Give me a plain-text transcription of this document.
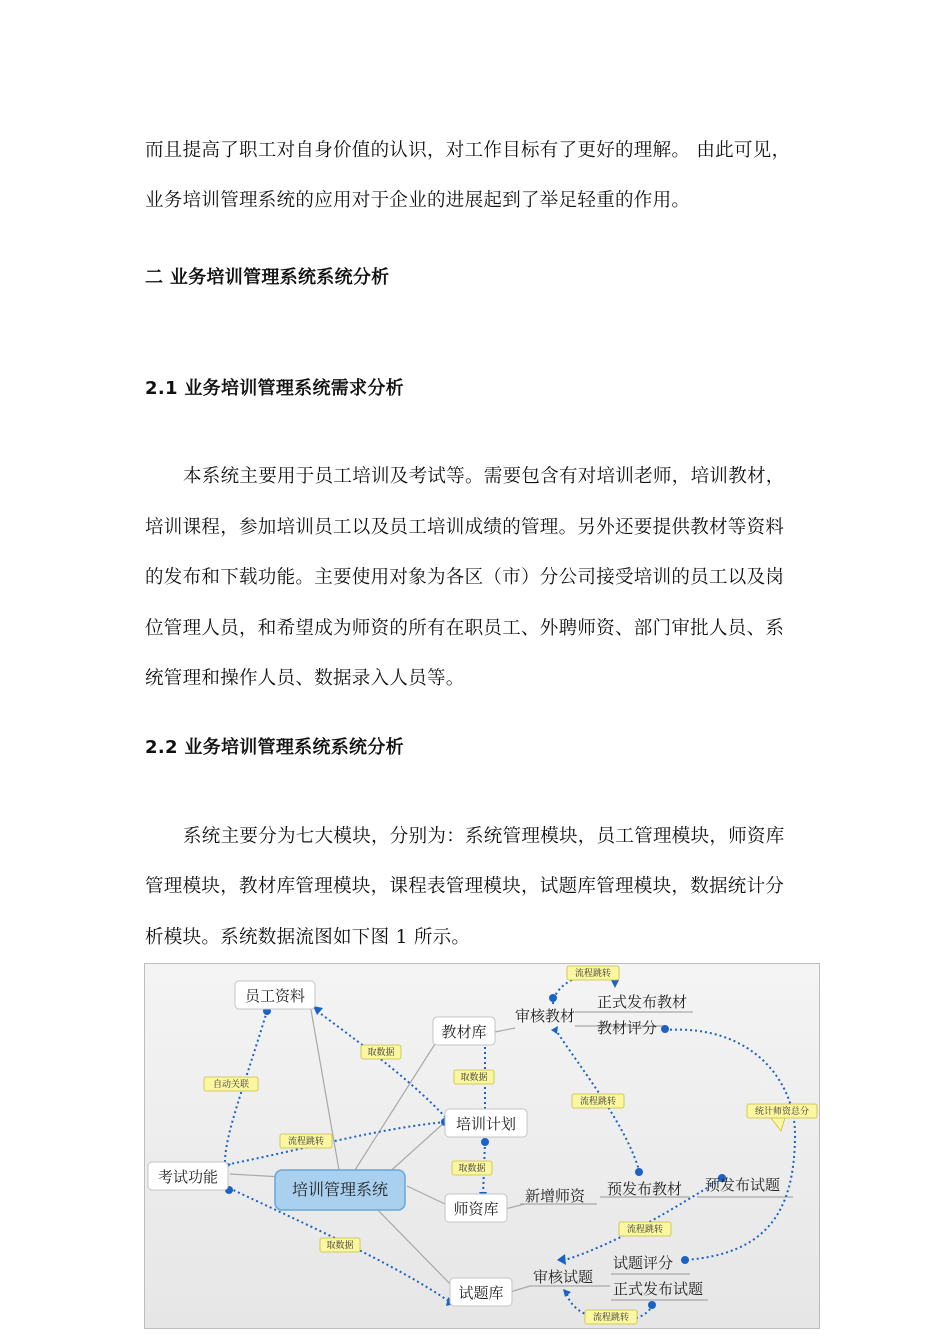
而且提高了职工对自身价值的认识，对工作目标有了更好的理解。 由此可见，
业务培训管理系统的应用对于企业的进展起到了举足轻重的作用。
二 业务培训管理系统系统分析
2.1 业务培训管理系统需求分析
本系统主要用于员工培训及考试等。需要包含有对培训老师，培训教材，
培训课程，参加培训员工以及员工培训成绩的管理。另外还要提供教材等资料
的发布和下载功能。主要使用对象为各区（市）分公司接受培训的员工以及岗
位管理人员，和希望成为师资的所有在职员工、外聘师资、部门审批人员、系
统管理和操作人员、数据录入人员等。
2.2 业务培训管理系统系统分析
系统主要分为七大模块，分别为：系统管理模块，员工管理模块，师资库
管理模块，教材库管理模块，课程表管理模块，试题库管理模块，数据统计分
析模块。系统数据流图如下图 1 所示。
培训管理系统
员工资料
考试功能
教材库
培训计划
师资库
试题库
审核教材
正式发布教材
教材评分
新增师资 预发布教材 预发布试题
审核试题
试题评分
正式发布试题
流程跳转
取数据
自动关联
取数据
流程跳转
流程跳转
取数据
统计师资总分
取数据
流程跳转
流程跳转
